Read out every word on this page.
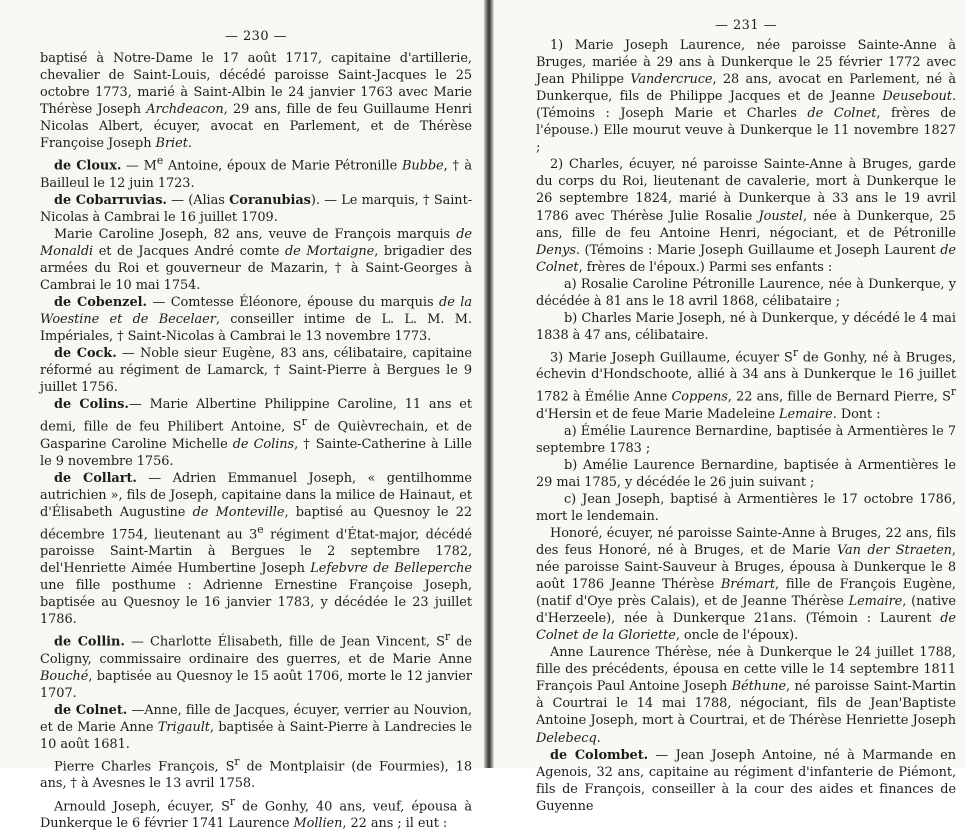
— 230 —

baptisé à Notre-Dame le 17 août 1717, capitaine d'artillerie, chevalier de Saint-Louis, décédé paroisse Saint-Jacques le 25 octobre 1773, marié à Saint-Albin le 24 janvier 1763 avec Marie Thérèse Joseph Archdeacon, 29 ans, fille de feu Guillaume Henri Nicolas Albert, écuyer, avocat en Parlement, et de Thérèse Françoise Joseph Briet.

de Cloux. — Me Antoine, époux de Marie Pétronille Bubbe, † à Bailleul le 12 juin 1723.

de Cobarruvias. — (Alias Coranubias). — Le marquis, † Saint-Nicolas à Cambrai le 16 juillet 1709.

Marie Caroline Joseph, 82 ans, veuve de François marquis de Monaldi et de Jacques André comte de Mortaigne, brigadier des armées du Roi et gouverneur de Mazarin, † à Saint-Georges à Cambrai le 10 mai 1754.

de Cobenzel. — Comtesse Éléonore, épouse du marquis de la Woestine et de Becelaer, conseiller intime de L. L. M. M. Impériales, † Saint-Nicolas à Cambrai le 13 novembre 1773.

de Cock. — Noble sieur Eugène, 83 ans, célibataire, capitaine réformé au régiment de Lamarck, † Saint-Pierre à Bergues le 9 juillet 1756.

de Colins.— Marie Albertine Philippine Caroline, 11 ans et demi, fille de feu Philibert Antoine, $S^r$ de Quièvrechain, et de Gasparine Caroline Michelle de Colins, † Sainte-Catherine à Lille le 9 novembre 1756.

de Collart. — Adrien Emmanuel Joseph, « gentilhomme autrichien », fils de Joseph, capitaine dans la milice de Hainaut, et d'Élisabeth Augustine de Monteville, baptisé au Quesnoy le 22 décembre 1754, lieutenant au 3e régiment d'État-major, décédé paroisse Saint-Martin à Bergues le 2 septembre 1782, del'Henriette Aimée Humbertine Joseph Lefebvre de Belleperche une fille posthume : Adrienne Ernestine Françoise Joseph, baptisée au Quesnoy le 16 janvier 1783, y décédée le 23 juillet 1786.

de Collin. — Charlotte Élisabeth, fille de Jean Vincent, $S^r$ de Coligny, commissaire ordinaire des guerres, et de Marie Anne Bouché, baptisée au Quesnoy le 15 août 1706, morte le 12 janvier 1707.

de Colnet. —Anne, fille de Jacques, écuyer, verrier au Nouvion, et de Marie Anne Trigault, baptisée à Saint-Pierre à Landrecies le 10 août 1681.

Pierre Charles François, $S^r$ de Montplaisir (de Fourmies), 18 ans, † à Avesnes le 13 avril 1758.

Arnould Joseph, écuyer, $S^r$ de Gonhy, 40 ans, veuf, épousa à Dunkerque le 6 février 1741 Laurence Mollien, 22 ans ; il eut :

— 231 —

1) Marie Joseph Laurence, née paroisse Sainte-Anne à Bruges, mariée à 29 ans à Dunkerque le 25 février 1772 avec Jean Philippe Vandercruce, 28 ans, avocat en Parlement, né à Dunkerque, fils de Philippe Jacques et de Jeanne Deusebout. (Témoins : Joseph Marie et Charles de Colnet, frères de l'épouse.) Elle mourut veuve à Dunkerque le 11 novembre 1827 ;

2) Charles, écuyer, né paroisse Sainte-Anne à Bruges, garde du corps du Roi, lieutenant de cavalerie, mort à Dunkerque le 26 septembre 1824, marié à Dunkerque à 33 ans le 19 avril 1786 avec Thérèse Julie Rosalie Joustel, née à Dunkerque, 25 ans, fille de feu Antoine Henri, négociant, et de Pétronille Denys. (Témoins : Marie Joseph Guillaume et Joseph Laurent de Colnet, frères de l'époux.) Parmi ses enfants :

a) Rosalie Caroline Pétronille Laurence, née à Dunkerque, y décédée à 81 ans le 18 avril 1868, célibataire ;

b) Charles Marie Joseph, né à Dunkerque, y décédé le 4 mai 1838 à 47 ans, célibataire.

3) Marie Joseph Guillaume, écuyer $S^r$ de Gonhy, né à Bruges, échevin d'Hondschoote, allié à 34 ans à Dunkerque le 16 juillet 1782 à Émélie Anne Coppens, 22 ans, fille de Bernard Pierre, $S^r$ d'Hersin et de feue Marie Madeleine Lemaire. Dont :

a) Émélie Laurence Bernardine, baptisée à Armentières le 7 septembre 1783 ;

b) Amélie Laurence Bernardine, baptisée à Armentières le 29 mai 1785, y décédée le 26 juin suivant ;

c) Jean Joseph, baptisé à Armentières le 17 octobre 1786, mort le lendemain.

Honoré, écuyer, né paroisse Sainte-Anne à Bruges, 22 ans, fils des feus Honoré, né à Bruges, et de Marie Van der Straeten, née paroisse Saint-Sauveur à Bruges, épousa à Dunkerque le 8 août 1786 Jeanne Thérèse Brémart, fille de François Eugène, (natif d'Oye près Calais), et de Jeanne Thérèse Lemaire, (native d'Herzeele), née à Dunkerque 21ans. (Témoin : Laurent de Colnet de la Gloriette, oncle de l'époux).

Anne Laurence Thérèse, née à Dunkerque le 24 juillet 1788, fille des précédents, épousa en cette ville le 14 septembre 1811 François Paul Antoine Joseph Béthune, né paroisse Saint-Martin à Courtrai le 14 mai 1788, négociant, fils de Jean'Baptiste Antoine Joseph, mort à Courtrai, et de Thérèse Henriette Joseph Delebecq.

de Colombet. — Jean Joseph Antoine, né à Marmande en Agenois, 32 ans, capitaine au régiment d'infanterie de Piémont, fils de François, conseiller à la cour des aides et finances de Guyenne
